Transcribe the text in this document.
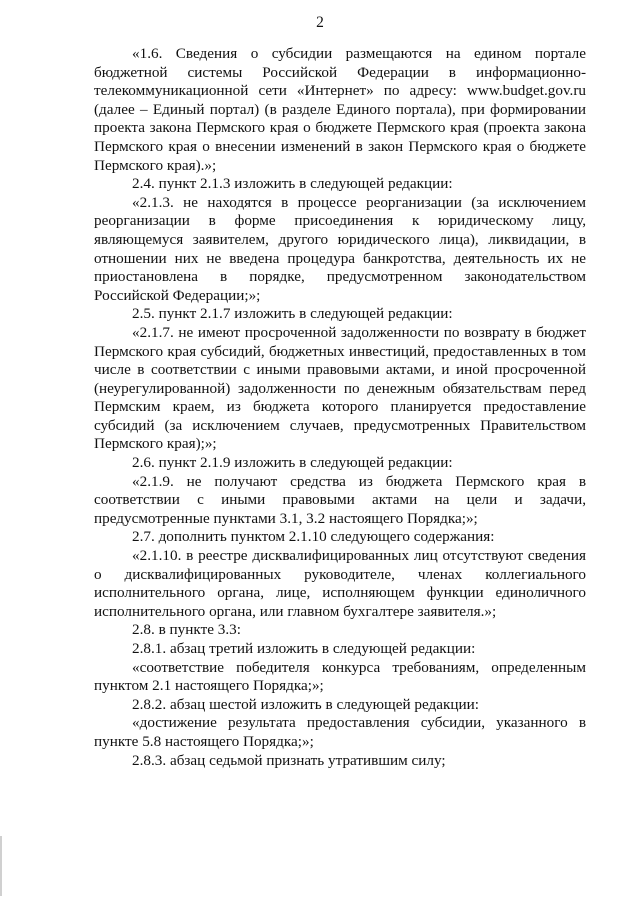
2

«1.6. Сведения о субсидии размещаются на едином портале бюджетной системы Российской Федерации в информационно-телекоммуникационной сети «Интернет» по адресу: www.budget.gov.ru (далее – Единый портал) (в разделе Единого портала), при формировании проекта закона Пермского края о бюджете Пермского края (проекта закона Пермского края о внесении изменений в закон Пермского края о бюджете Пермского края).»;

2.4. пункт 2.1.3 изложить в следующей редакции:

«2.1.3. не находятся в процессе реорганизации (за исключением реорганизации в форме присоединения к юридическому лицу, являющемуся заявителем, другого юридического лица), ликвидации, в отношении них не введена процедура банкротства, деятельность их не приостановлена в порядке, предусмотренном законодательством Российской Федерации;»;

2.5. пункт 2.1.7 изложить в следующей редакции:

«2.1.7. не имеют просроченной задолженности по возврату в бюджет Пермского края субсидий, бюджетных инвестиций, предоставленных в том числе в соответствии с иными правовыми актами, и иной просроченной (неурегулированной) задолженности по денежным обязательствам перед Пермским краем, из бюджета которого планируется предоставление субсидий (за исключением случаев, предусмотренных Правительством Пермского края);»;

2.6. пункт 2.1.9 изложить в следующей редакции:

«2.1.9. не получают средства из бюджета Пермского края в соответствии с иными правовыми актами на цели и задачи, предусмотренные пунктами 3.1, 3.2 настоящего Порядка;»;

2.7. дополнить пунктом 2.1.10 следующего содержания:

«2.1.10. в реестре дисквалифицированных лиц отсутствуют сведения о дисквалифицированных руководителе, членах коллегиального исполнительного органа, лице, исполняющем функции единоличного исполнительного органа, или главном бухгалтере заявителя.»;

2.8. в пункте 3.3:

2.8.1. абзац третий изложить в следующей редакции:

«соответствие победителя конкурса требованиям, определенным пунктом 2.1 настоящего Порядка;»;

2.8.2. абзац шестой изложить в следующей редакции:

«достижение результата предоставления субсидии, указанного в пункте 5.8 настоящего Порядка;»;

2.8.3. абзац седьмой признать утратившим силу;
